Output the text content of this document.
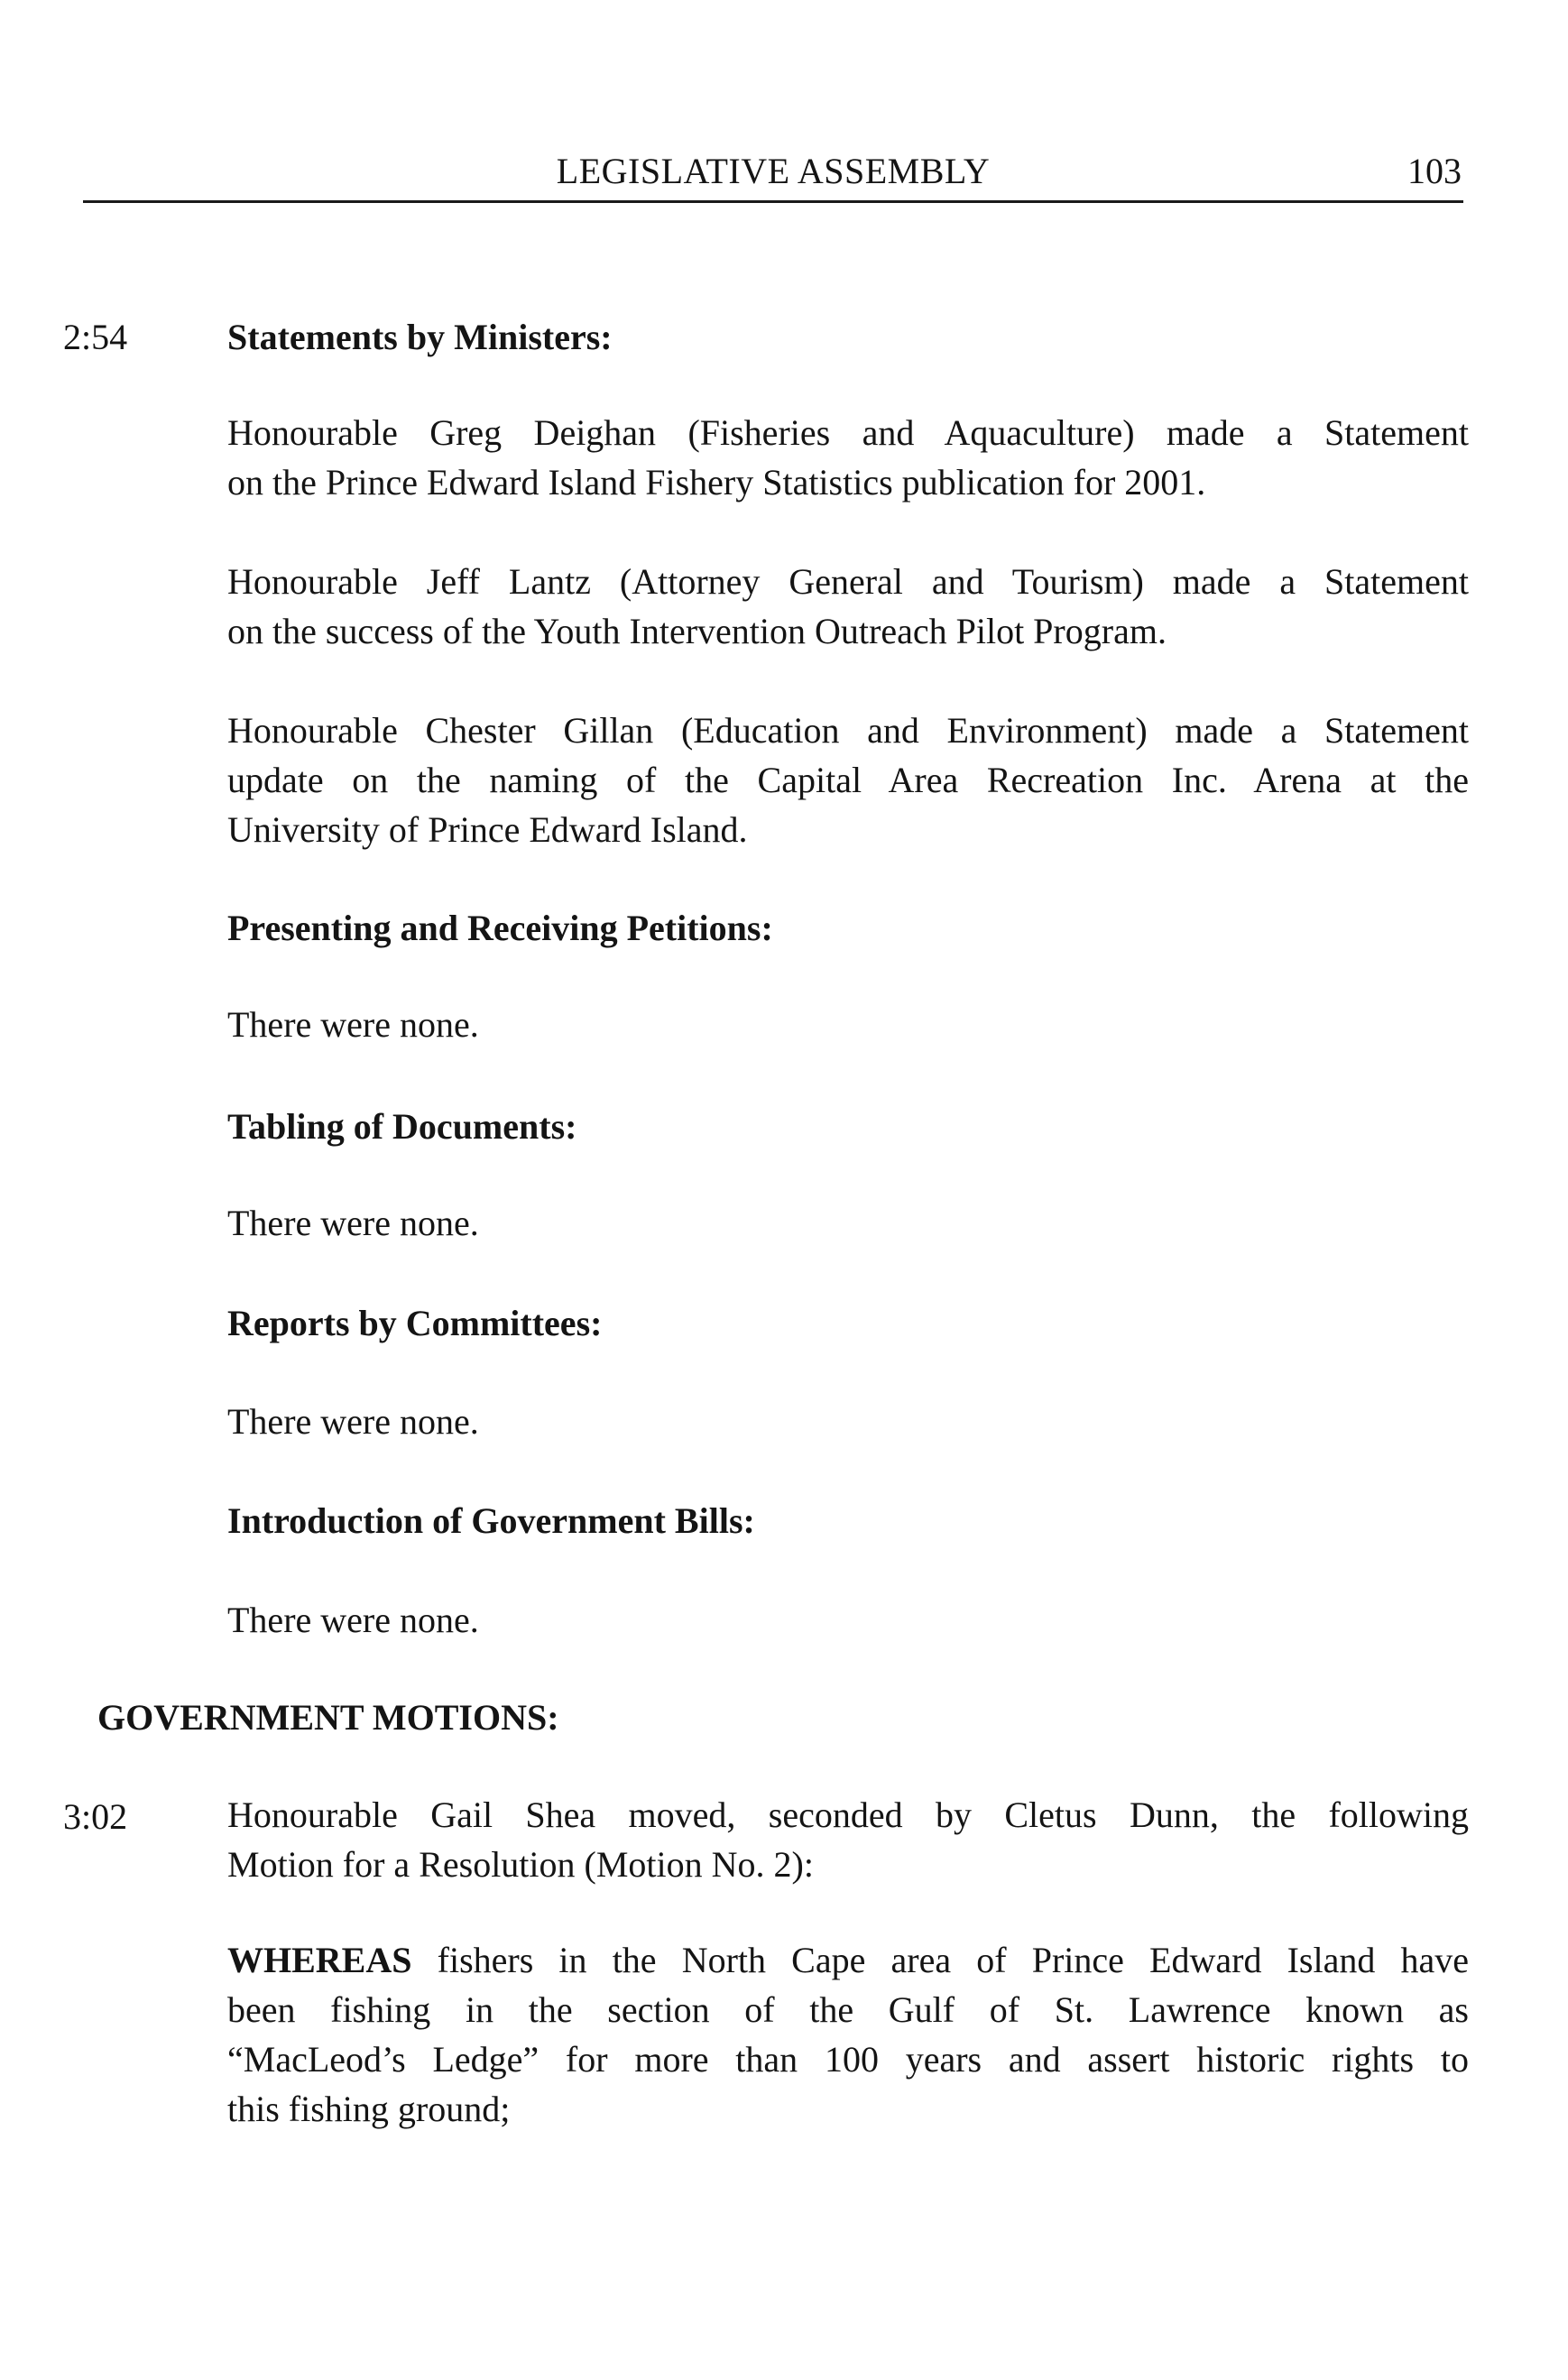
LEGISLATIVE ASSEMBLY	103
2:54	Statements by Ministers:
Honourable Greg Deighan (Fisheries and Aquaculture) made a Statement
on the Prince Edward Island Fishery Statistics publication for 2001.
Honourable Jeff Lantz (Attorney General and Tourism) made a Statement
on the success of the Youth Intervention Outreach Pilot Program.
Honourable Chester Gillan (Education and Environment) made a Statement
update on the naming of the Capital Area Recreation Inc. Arena at the
University of Prince Edward Island.
Presenting and Receiving Petitions:
There were none.
Tabling of Documents:
There were none.
Reports by Committees:
There were none.
Introduction of Government Bills:
There were none.
GOVERNMENT MOTIONS:
3:02	Honourable Gail Shea moved, seconded by Cletus Dunn, the following
Motion for a Resolution (Motion No. 2):
WHEREAS fishers in the North Cape area of Prince Edward Island have
been fishing in the section of the Gulf of St. Lawrence known as
“MacLeod’s Ledge” for more than 100 years and assert historic rights to
this fishing ground;
